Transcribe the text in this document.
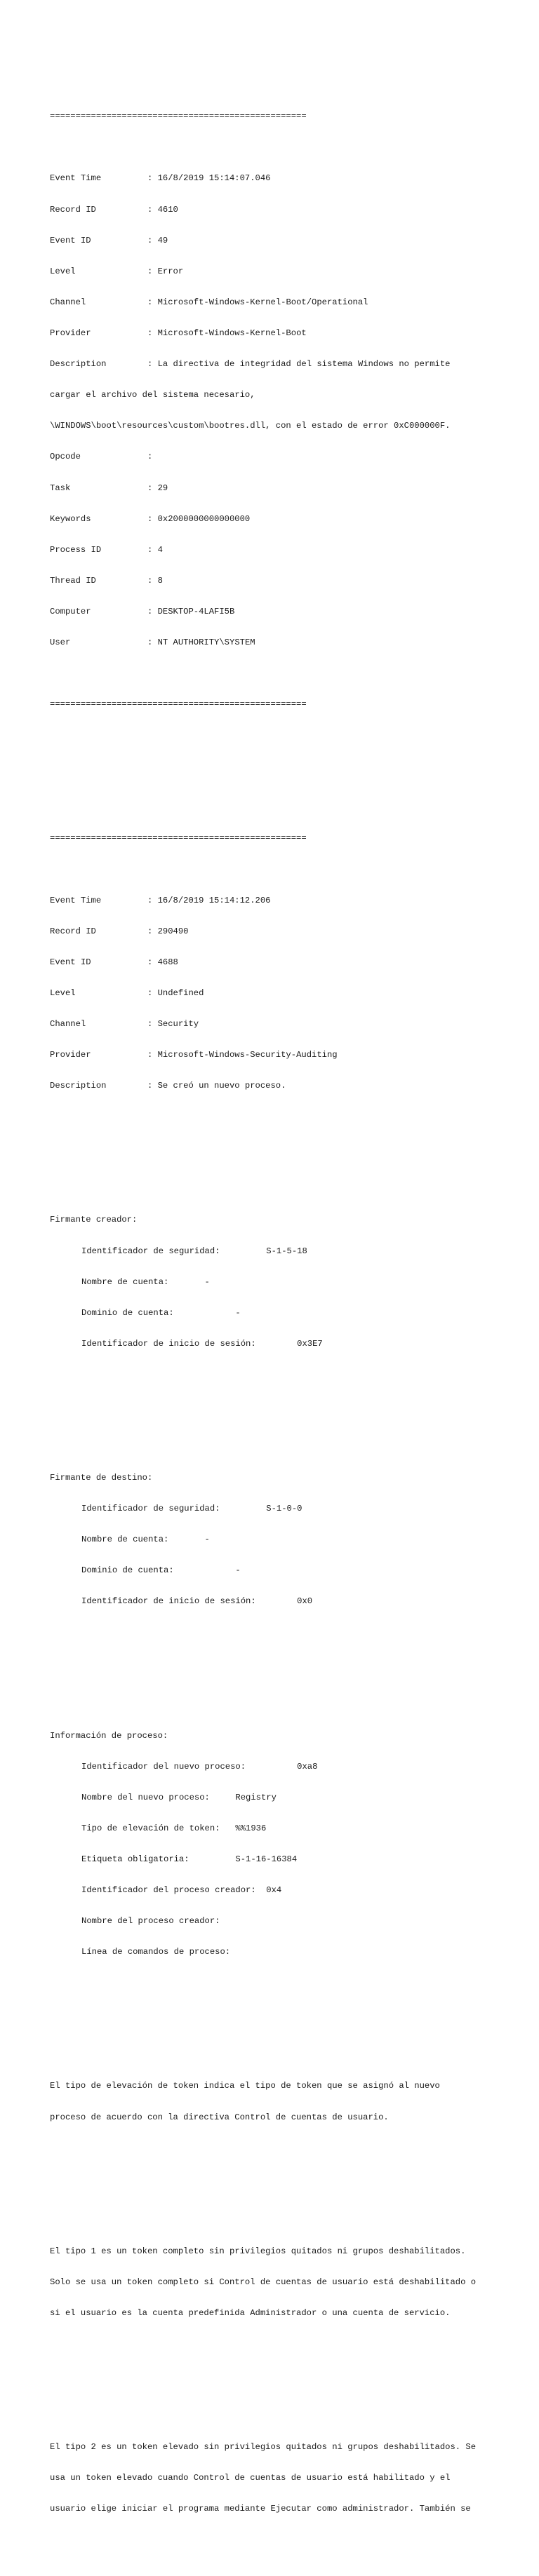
==================================================

Event Time         : 16/8/2019 15:14:07.046

Record ID          : 4610

Event ID           : 49

Level              : Error

Channel            : Microsoft-Windows-Kernel-Boot/Operational

Provider           : Microsoft-Windows-Kernel-Boot

Description        : La directiva de integridad del sistema Windows no permite

cargar el archivo del sistema necesario,

\WINDOWS\boot\resources\custom\bootres.dll, con el estado de error 0xC000000F.

Opcode             :

Task               : 29

Keywords           : 0x2000000000000000

Process ID         : 4

Thread ID          : 8

Computer           : DESKTOP-4LAFI5B

User               : NT AUTHORITY\SYSTEM

==================================================

==================================================

Event Time         : 16/8/2019 15:14:12.206

Record ID          : 290490

Event ID           : 4688

Level              : Undefined

Channel            : Security

Provider           : Microsoft-Windows-Security-Auditing

Description        : Se creó un nuevo proceso.

Firmante creador:

Identificador de seguridad:         S-1-5-18

Nombre de cuenta:       -

Dominio de cuenta:            -

Identificador de inicio de sesión:        0x3E7

Firmante de destino:

Identificador de seguridad:         S-1-0-0

Nombre de cuenta:       -

Dominio de cuenta:            -

Identificador de inicio de sesión:        0x0

Información de proceso:

Identificador del nuevo proceso:          0xa8

Nombre del nuevo proceso:     Registry

Tipo de elevación de token:   %%1936

Etiqueta obligatoria:         S-1-16-16384

Identificador del proceso creador:  0x4

Nombre del proceso creador:

Línea de comandos de proceso:

El tipo de elevación de token indica el tipo de token que se asignó al nuevo

proceso de acuerdo con la directiva Control de cuentas de usuario.

El tipo 1 es un token completo sin privilegios quitados ni grupos deshabilitados.

Solo se usa un token completo si Control de cuentas de usuario está deshabilitado o

si el usuario es la cuenta predefinida Administrador o una cuenta de servicio.

El tipo 2 es un token elevado sin privilegios quitados ni grupos deshabilitados. Se

usa un token elevado cuando Control de cuentas de usuario está habilitado y el

usuario elige iniciar el programa mediante Ejecutar como administrador. También se
